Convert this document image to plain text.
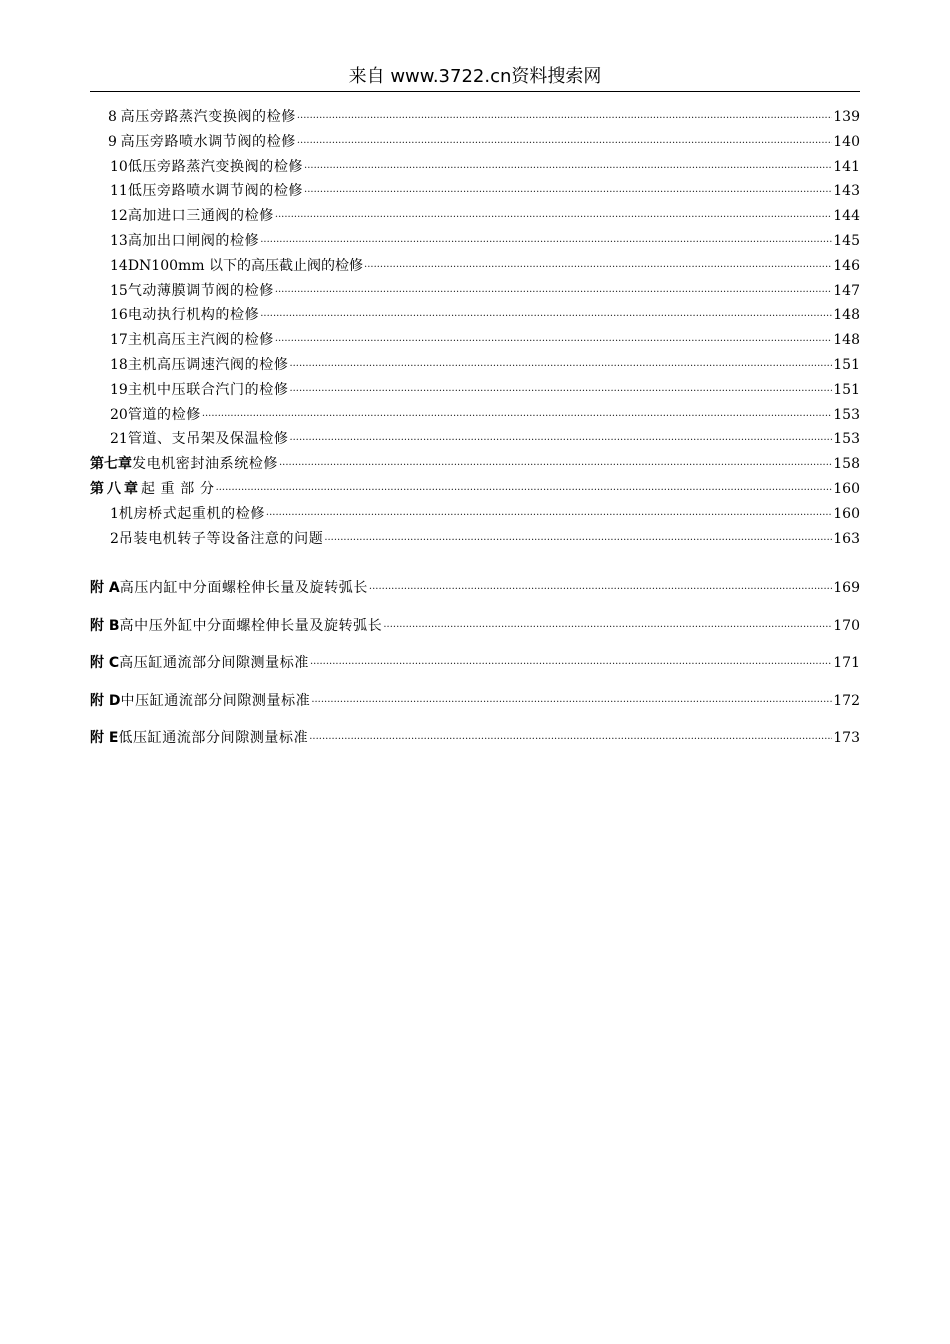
来自 www.3722.cn资料搜索网
8 高压旁路蒸汽变换阀的检修 ·····	139
9 高压旁路喷水调节阀的检修 ·····	140
10 低压旁路蒸汽变换阀的检修 ·····	141
11 低压旁路喷水调节阀的检修 ·····	143
12 高加进口三通阀的检修 ·····	144
13 高加出口闸阀的检修 ·····	145
14 DN100mm 以下的高压截止阀的检修 ·····	146
15 气动薄膜调节阀的检修 ·····	147
16 电动执行机构的检修 ·····	148
17 主机高压主汽阀的检修 ·····	148
18 主机高压调速汽阀的检修 ·····	151
19 主机中压联合汽门的检修 ·····	151
20 管道的检修 ·····	153
21 管道、支吊架及保温检修 ·····	153
第七章 发电机密封油系统检修 ·····	158
第八章 起 重 部 分 ·····	160
1 机房桥式起重机的检修 ·····	160
2 吊装电机转子等设备注意的问题 ·····	163
附 A 高压内缸中分面螺栓伸长量及旋转弧长 ·····	169
附 B 高中压外缸中分面螺栓伸长量及旋转弧长 ·····	170
附 C 高压缸通流部分间隙测量标准 ·····	171
附 D 中压缸通流部分间隙测量标准 ·····	172
附 E 低压缸通流部分间隙测量标准 ·····	173
